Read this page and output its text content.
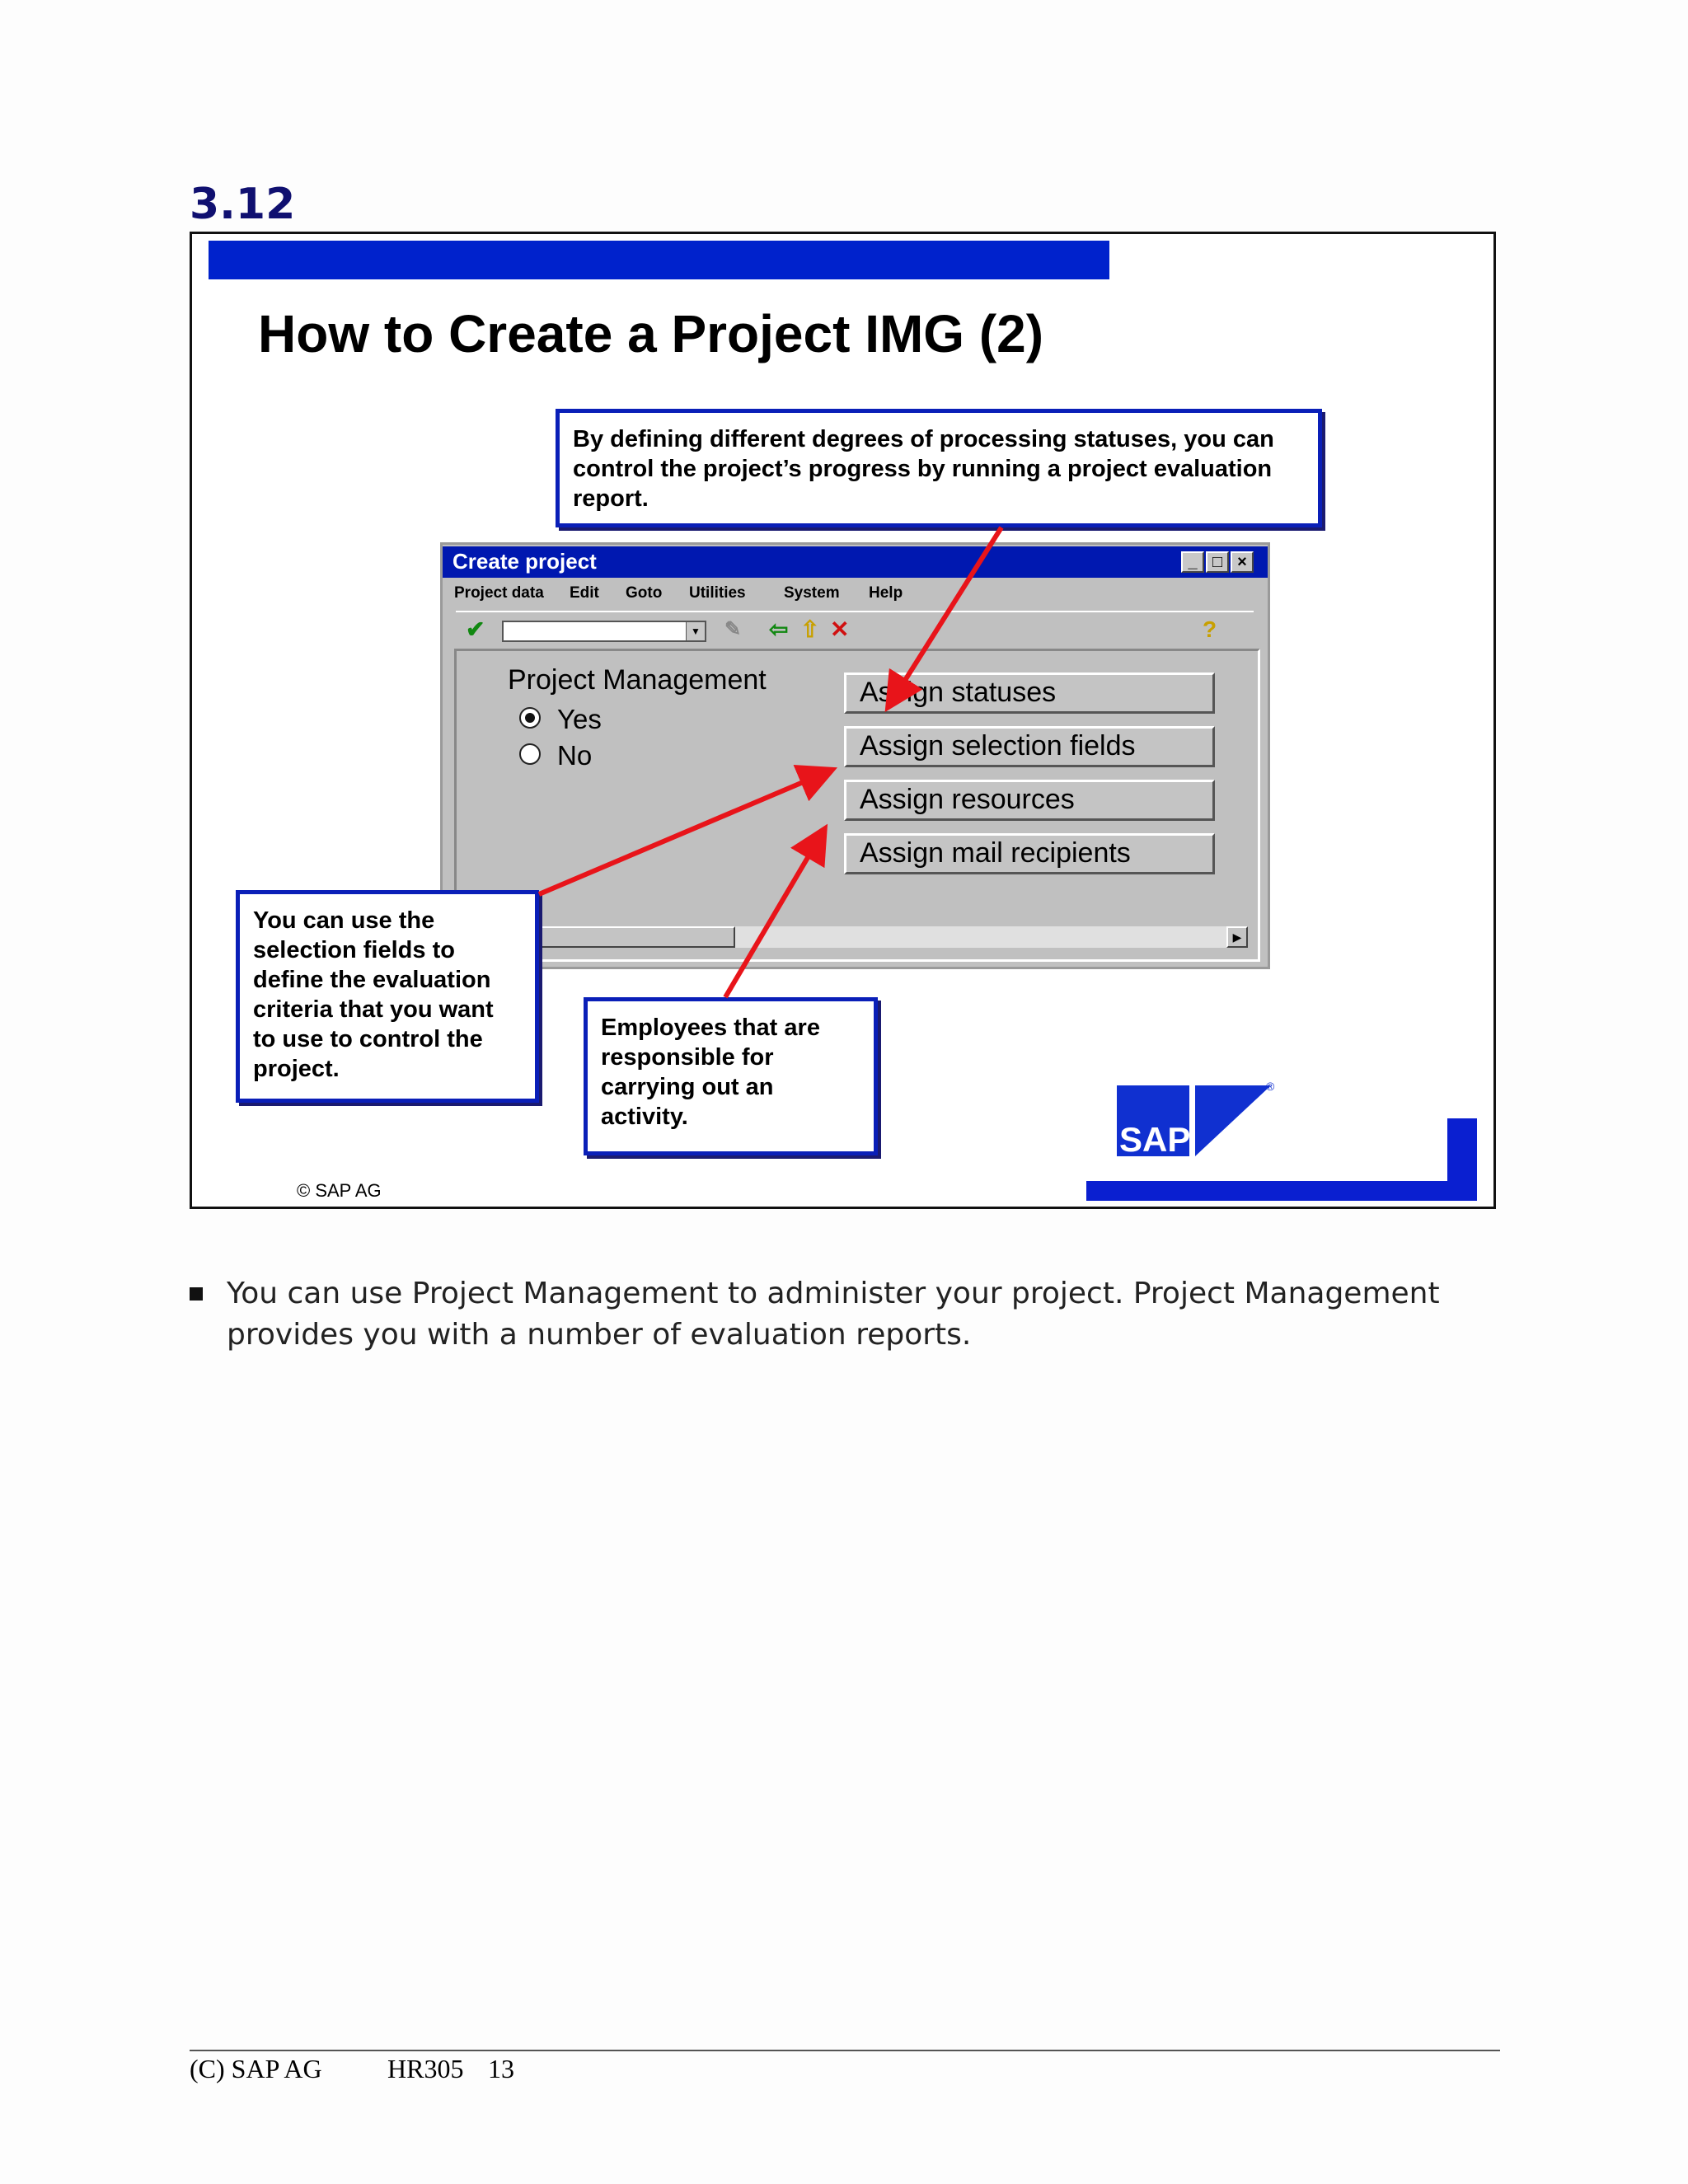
3.12
How to Create a Project IMG (2)
Create project	_ □ ×
Project data Edit Goto Utilities System Help
✔	▼ ✎ ⇦ ⇧ ✕	?
Project Management
Yes
No
Assign statuses
Assign selection fields
Assign resources
Assign mail recipients
▶
By defining different degrees of processing statuses, you can control the project’s progress by running a project evaluation report.
You can use the selection fields to define the evaluation criteria that you want to use to control the project.
Employees that are responsible for carrying out an activity.
SAP
®
© SAP AG
You can use Project Management to administer your project. Project Management provides you with a number of evaluation reports.
(C) SAP AG HR305 13
